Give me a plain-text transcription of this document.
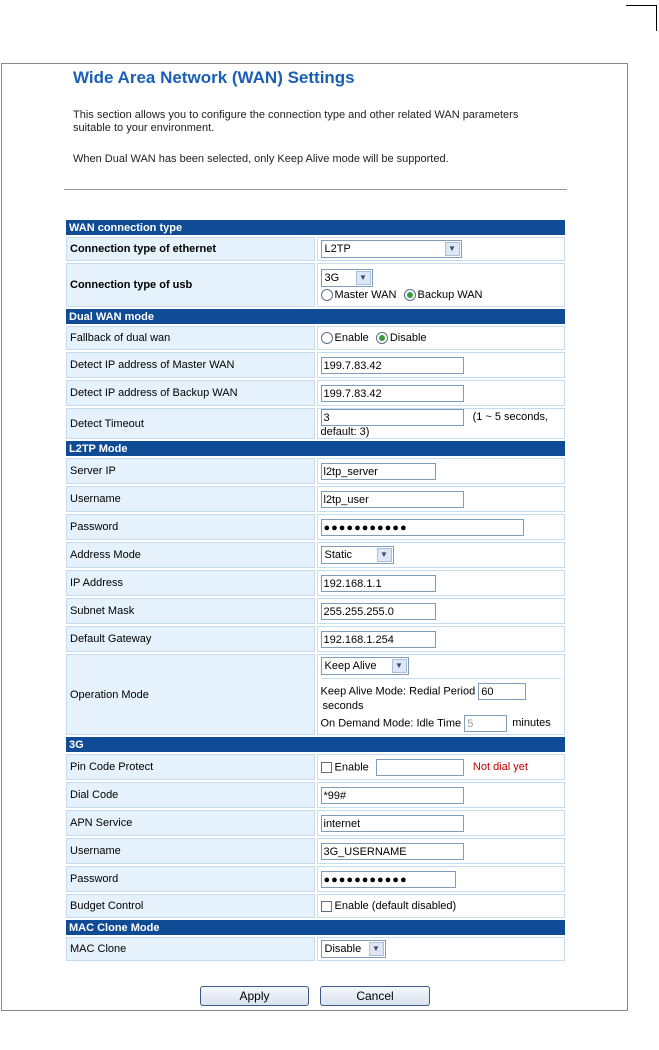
Wide Area Network (WAN) Settings
This section allows you to configure the connection type and other related WAN parameters suitable to your environment.
When Dual WAN has been selected, only Keep Alive mode will be supported.
WAN connection type	
Connection type of ethernet	L2TP ▼

Connection type of usb	3G ▼
Master WAN Backup WAN

Dual WAN mode	
Fallback of dual wan	Enable Disable
Detect IP address of Master WAN	199.7.83.42
Detect IP address of Backup WAN	199.7.83.42
Detect Timeout	3 (1 ~ 5 seconds, default: 3)
L2TP Mode	
Server IP	l2tp_server
Username	l2tp_user
Password	●●●●●●●●●●●
Address Mode	Static ▼

IP Address	192.168.1.1
Subnet Mask	255.255.255.0
Default Gateway	192.168.1.254
Operation Mode	Keep Alive ▼
Keep Alive Mode: Redial Period 60 seconds
On Demand Mode: Idle Time 5 minutes

3G	
Pin Code Protect	Enable Not dial yet
Dial Code	*99#
APN Service	internet
Username	3G_USERNAME
Password	●●●●●●●●●●●
Budget Control	Enable (default disabled)
MAC Clone Mode	
MAC Clone	Disable ▼
Apply	Cancel
